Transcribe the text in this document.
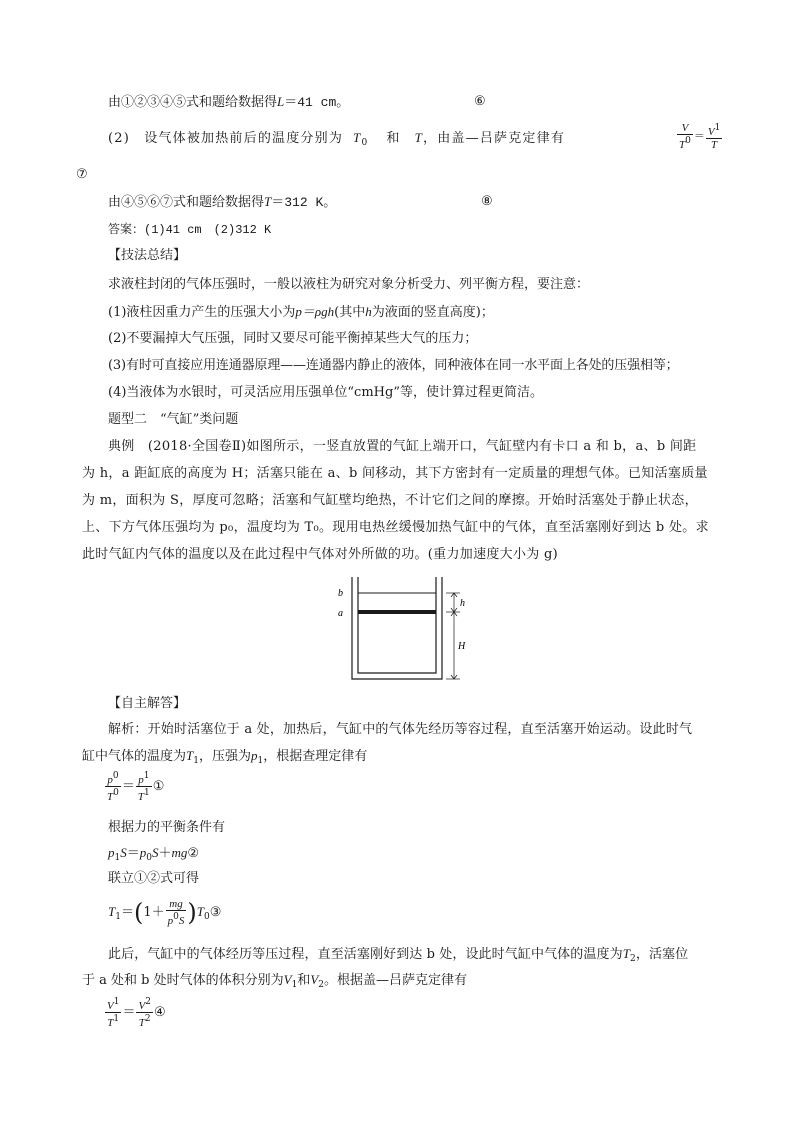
由①②③④⑤式和题给数据得L＝41 cm。	⑥
(2)　设气体被加热前后的温度分别为 $T_0$ 和 T，由盖—吕萨克定律有	$\frac{V}{T^0} = \frac{V^1}{T}$
⑦
由④⑤⑥⑦式和题给数据得T＝312 K。	⑧
答案：(1)41 cm　(2)312 K
【技法总结】
求液柱封闭的气体压强时，一般以液柱为研究对象分析受力、列平衡方程，要注意：
(1)液柱因重力产生的压强大小为p＝ρgh(其中h为液面的竖直高度)；
(2)不要漏掉大气压强，同时又要尽可能平衡掉某些大气的压力；
(3)有时可直接应用连通器原理——连通器内静止的液体，同种液体在同一水平面上各处的压强相等；
(4)当液体为水银时，可灵活应用压强单位“cmHg”等，使计算过程更简洁。
题型二　“气缸”类问题
典例　(2018·全国卷Ⅱ)如图所示，一竖直放置的气缸上端开口，气缸壁内有卡口 a 和 b，a、b 间距
为 h，a 距缸底的高度为 H；活塞只能在 a、b 间移动，其下方密封有一定质量的理想气体。已知活塞质量
为 m，面积为 S，厚度可忽略；活塞和气缸壁均绝热，不计它们之间的摩擦。开始时活塞处于静止状态，
上、下方气体压强均为 p₀，温度均为 T₀。现用电热丝缓慢加热气缸中的气体，直至活塞刚好到达 b 处。求
此时气缸内气体的温度以及在此过程中气体对外所做的功。(重力加速度大小为 g)
b
a
h
H
【自主解答】
解析：开始时活塞位于 a 处，加热后，气缸中的气体先经历等容过程，直至活塞开始运动。设此时气
缸中气体的温度为$T_1$，压强为$p_1$，根据查理定律有
$\frac{p^0}{T^0} = \frac{p^1}{T^1}$ ①
根据力的平衡条件有
$p_1S=p_0S+mg②$
联立①②式可得
$T_1=(1+ \frac{mg}{p^0S}$ )$T_0③$
此后，气缸中的气体经历等压过程，直至活塞刚好到达 b 处，设此时气缸中气体的温度为$T_2$，活塞位
于 a 处和 b 处时气体的体积分别为$V_1$和$V_2$。根据盖—吕萨克定律有
$\frac{V^1}{T^1} = \frac{V^2}{T^2}$ ④
